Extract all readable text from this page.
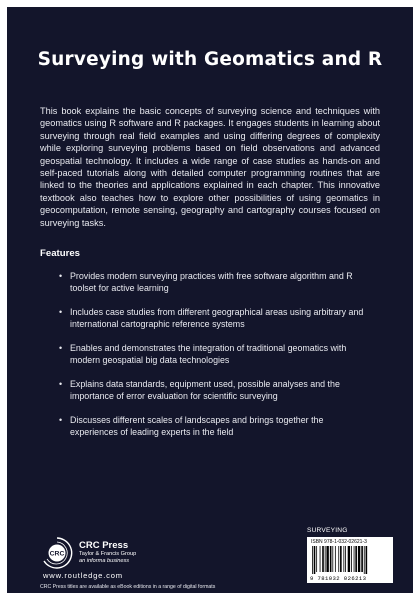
Surveying with Geomatics and R

This book explains the basic concepts of surveying science and techniques with geomatics using R software and R packages. It engages students in learning about surveying through real field examples and using differing degrees of complexity while exploring surveying problems based on field observations and advanced geospatial technology. It includes a wide range of case studies as hands-on and self-paced tutorials along with detailed computer programming routines that are linked to the theories and applications explained in each chapter. This innovative textbook also teaches how to explore other possibilities of using geomatics in geocomputation, remote sensing, geography and cartography courses focused on surveying tasks.

Features
• Provides modern surveying practices with free software algorithm and R toolset for active learning
• Includes case studies from different geographical areas using arbitrary and international cartographic reference systems
• Enables and demonstrates the integration of traditional geomatics with modern geospatial big data technologies
• Explains data standards, equipment used, possible analyses and the importance of error evaluation for scientific surveying
• Discusses different scales of landscapes and brings together the experiences of leading experts in the field
CRC
CRC Press
Taylor & Francis Group
an informa business
www.routledge.com
CRC Press titles are available as eBook editions in a range of digital formats
SURVEYING
ISBN 978-1-032-02621-3
9 781032 026213
